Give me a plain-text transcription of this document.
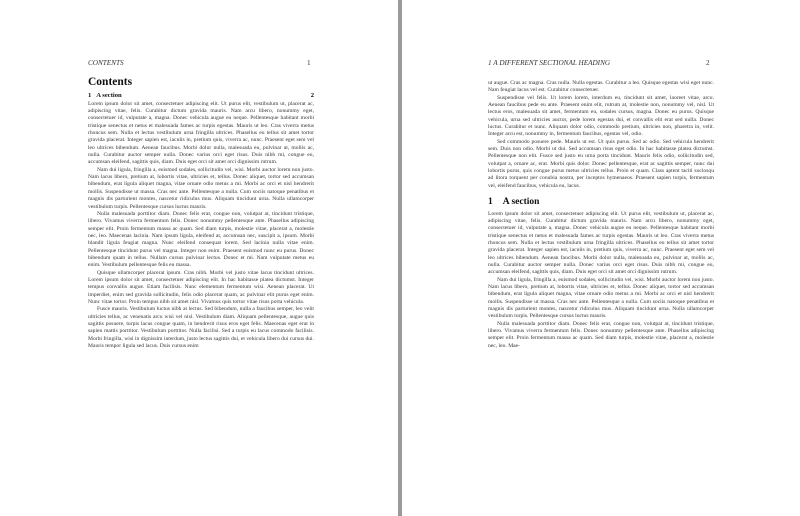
CONTENTS	1
Contents
1 A section	2

Lorem ipsum dolor sit amet, consectetuer adipiscing elit. Ut purus elit, vestibulum ut, placerat ac, adipiscing vitae, felis. Curabitur dictum gravida mauris. Nam arcu libero, nonummy eget, consectetuer id, vulputate a, magna. Donec vehicula augue eu neque. Pellentesque habitant morbi tristique senectus et netus et malesuada fames ac turpis egestas. Mauris ut leo. Cras viverra metus rhoncus sem. Nulla et lectus vestibulum urna fringilla ultrices. Phasellus eu tellus sit amet tortor gravida placerat. Integer sapien est, iaculis in, pretium quis, viverra ac, nunc. Praesent eget sem vel leo ultrices bibendum. Aenean faucibus. Morbi dolor nulla, malesuada eu, pulvinar at, mollis ac, nulla. Curabitur auctor semper nulla. Donec varius orci eget risus. Duis nibh mi, congue eu, accumsan eleifend, sagittis quis, diam. Duis eget orci sit amet orci dignissim rutrum.

Nam dui ligula, fringilla a, euismod sodales, sollicitudin vel, wisi. Morbi auctor lorem non justo. Nam lacus libero, pretium at, lobortis vitae, ultricies et, tellus. Donec aliquet, tortor sed accumsan bibendum, erat ligula aliquet magna, vitae ornare odio metus a mi. Morbi ac orci et nisl hendrerit mollis. Suspendisse ut massa. Cras nec ante. Pellentesque a nulla. Cum sociis natoque penatibus et magnis dis parturient montes, nascetur ridiculus mus. Aliquam tincidunt urna. Nulla ullamcorper vestibulum turpis. Pellentesque cursus luctus mauris.

Nulla malesuada porttitor diam. Donec felis erat, congue non, volutpat at, tincidunt tristique, libero. Vivamus viverra fermentum felis. Donec nonummy pellentesque ante. Phasellus adipiscing semper elit. Proin fermentum massa ac quam. Sed diam turpis, molestie vitae, placerat a, molestie nec, leo. Maecenas lacinia. Nam ipsum ligula, eleifend at, accumsan nec, suscipit a, ipsum. Morbi blandit ligula feugiat magna. Nunc eleifend consequat lorem. Sed lacinia nulla vitae enim. Pellentesque tincidunt purus vel magna. Integer non enim. Praesent euismod nunc eu purus. Donec bibendum quam in tellus. Nullam cursus pulvinar lectus. Donec et mi. Nam vulputate metus eu enim. Vestibulum pellentesque felis eu massa.

Quisque ullamcorper placerat ipsum. Cras nibh. Morbi vel justo vitae lacus tincidunt ultrices. Lorem ipsum dolor sit amet, consectetuer adipiscing elit. In hac habitasse platea dictumst. Integer tempus convallis augue. Etiam facilisis. Nunc elementum fermentum wisi. Aenean placerat. Ut imperdiet, enim sed gravida sollicitudin, felis odio placerat quam, ac pulvinar elit purus eget enim. Nunc vitae tortor. Proin tempus nibh sit amet nisl. Vivamus quis tortor vitae risus porta vehicula.

Fusce mauris. Vestibulum luctus nibh at lectus. Sed bibendum, nulla a faucibus semper, leo velit ultricies tellus, ac venenatis arcu wisi vel nisl. Vestibulum diam. Aliquam pellentesque, augue quis sagittis posuere, turpis lacus congue quam, in hendrerit risus eros eget felis. Maecenas eget erat in sapien mattis porttitor. Vestibulum porttitor. Nulla facilisi. Sed a turpis eu lacus commodo facilisis. Morbi fringilla, wisi in dignissim interdum, justo lectus sagittis dui, et vehicula libero dui cursus dui. Mauris tempor ligula sed lacus. Duis cursus enim

1 A DIFFERENT SECTIONAL HEADING	2

ut augue. Cras ac magna. Cras nulla. Nulla egestas. Curabitur a leo. Quisque egestas wisi eget nunc. Nam feugiat lacus vel est. Curabitur consectetuer.

Suspendisse vel felis. Ut lorem lorem, interdum eu, tincidunt sit amet, laoreet vitae, arcu. Aenean faucibus pede eu ante. Praesent enim elit, rutrum at, molestie non, nonummy vel, nisl. Ut lectus eros, malesuada sit amet, fermentum eu, sodales cursus, magna. Donec eu purus. Quisque vehicula, urna sed ultricies auctor, pede lorem egestas dui, et convallis elit erat sed nulla. Donec luctus. Curabitur et nunc. Aliquam dolor odio, commodo pretium, ultricies non, pharetra in, velit. Integer arcu est, nonummy in, fermentum faucibus, egestas vel, odio.

Sed commodo posuere pede. Mauris ut est. Ut quis purus. Sed ac odio. Sed vehicula hendrerit sem. Duis non odio. Morbi ut dui. Sed accumsan risus eget odio. In hac habitasse platea dictumst. Pellentesque non elit. Fusce sed justo eu urna porta tincidunt. Mauris felis odio, sollicitudin sed, volutpat a, ornare ac, erat. Morbi quis dolor. Donec pellentesque, erat ac sagittis semper, nunc dui lobortis purus, quis congue purus metus ultricies tellus. Proin et quam. Class aptent taciti sociosqu ad litora torquent per conubia nostra, per inceptos hymenaeos. Praesent sapien turpis, fermentum vel, eleifend faucibus, vehicula eu, lacus.

1 A section

Lorem ipsum dolor sit amet, consectetuer adipiscing elit. Ut purus elit, vestibulum ut, placerat ac, adipiscing vitae, felis. Curabitur dictum gravida mauris. Nam arcu libero, nonummy eget, consectetuer id, vulputate a, magna. Donec vehicula augue eu neque. Pellentesque habitant morbi tristique senectus et netus et malesuada fames ac turpis egestas. Mauris ut leo. Cras viverra metus rhoncus sem. Nulla et lectus vestibulum urna fringilla ultrices. Phasellus eu tellus sit amet tortor gravida placerat. Integer sapien est, iaculis in, pretium quis, viverra ac, nunc. Praesent eget sem vel leo ultrices bibendum. Aenean faucibus. Morbi dolor nulla, malesuada eu, pulvinar at, mollis ac, nulla. Curabitur auctor semper nulla. Donec varius orci eget risus. Duis nibh mi, congue eu, accumsan eleifend, sagittis quis, diam. Duis eget orci sit amet orci dignissim rutrum.

Nam dui ligula, fringilla a, euismod sodales, sollicitudin vel, wisi. Morbi auctor lorem non justo. Nam lacus libero, pretium at, lobortis vitae, ultricies et, tellus. Donec aliquet, tortor sed accumsan bibendum, erat ligula aliquet magna, vitae ornare odio metus a mi. Morbi ac orci et nisl hendrerit mollis. Suspendisse ut massa. Cras nec ante. Pellentesque a nulla. Cum sociis natoque penatibus et magnis dis parturient montes, nascetur ridiculus mus. Aliquam tincidunt urna. Nulla ullamcorper vestibulum turpis. Pellentesque cursus luctus mauris.

Nulla malesuada porttitor diam. Donec felis erat, congue non, volutpat at, tincidunt tristique, libero. Vivamus viverra fermentum felis. Donec nonummy pellentesque ante. Phasellus adipiscing semper elit. Proin fermentum massa ac quam. Sed diam turpis, molestie vitae, placerat a, molestie nec, leo. Mae-
